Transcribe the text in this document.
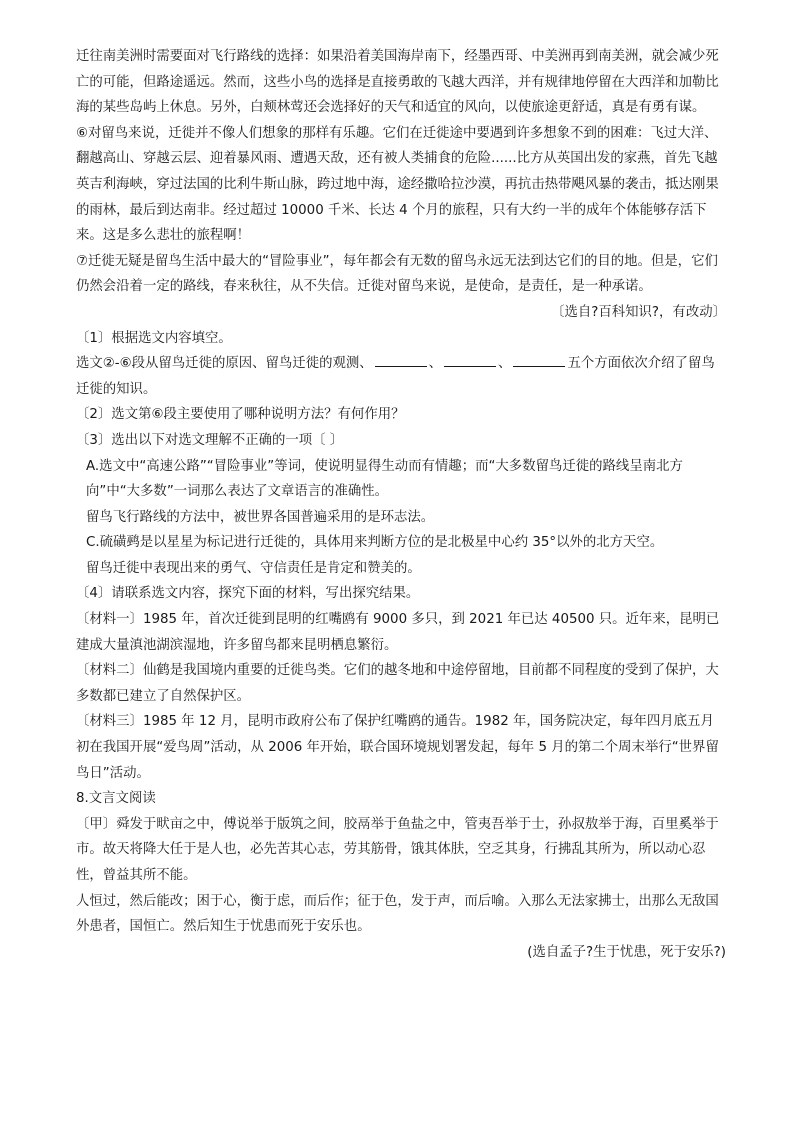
迁往南美洲时需要面对飞行路线的选择：如果沿着美国海岸南下，经墨西哥、中美洲再到南美洲，就会减少死亡的可能，但路途遥远。然而，这些小鸟的选择是直接勇敢的飞越大西洋，并有规律地停留在大西洋和加勒比海的某些岛屿上休息。另外，白颊林莺还会选择好的天气和适宜的风向，以使旅途更舒适，真是有勇有谋。

⑥对留鸟来说，迁徙并不像人们想象的那样有乐趣。它们在迁徙途中要遇到许多想象不到的困难：飞过大洋、翻越高山、穿越云层、迎着暴风雨、遭遇天敌，还有被人类捕食的危险......比方从英国出发的家燕，首先飞越英吉利海峡，穿过法国的比利牛斯山脉，跨过地中海，途经撒哈拉沙漠，再抗击热带飓风暴的袭击，抵达刚果的雨林，最后到达南非。经过超过 10000 千米、长达 4 个月的旅程，只有大约一半的成年个体能够存活下来。这是多么悲壮的旅程啊！

⑦迁徙无疑是留鸟生活中最大的“冒险事业”，每年都会有无数的留鸟永远无法到达它们的目的地。但是，它们仍然会沿着一定的路线，春来秋往，从不失信。迁徙对留鸟来说，是使命，是责任，是一种承诺。

〔选自?百科知识?，有改动〕

〔1〕根据选文内容填空。

选文②-⑥段从留鸟迁徙的原因、留鸟迁徙的观测、	、	、	五个方面依次介绍了留鸟迁徙的知识。

〔2〕选文第⑥段主要使用了哪种说明方法？有何作用？

〔3〕选出以下对选文理解不正确的一项〔 〕

A.选文中“高速公路”“冒险事业”等词，使说明显得生动而有情趣；而“大多数留鸟迁徙的路线呈南北方向”中“大多数”一词那么表达了文章语言的准确性。

留鸟飞行路线的方法中，被世界各国普遍采用的是环志法。

C.硫磺鹀是以星星为标记进行迁徙的，具体用来判断方位的是北极星中心约 35°以外的北方天空。

留鸟迁徙中表现出来的勇气、守信责任是肯定和赞美的。

〔4〕请联系选文内容，探究下面的材料，写出探究结果。

〔材料一〕1985 年，首次迁徙到昆明的红嘴鸥有 9000 多只，到 2021 年已达 40500 只。近年来，昆明已建成大量滇池湖滨湿地，许多留鸟都来昆明栖息繁衍。

〔材料二〕仙鹤是我国境内重要的迁徙鸟类。它们的越冬地和中途停留地，目前都不同程度的受到了保护，大多数都已建立了自然保护区。

〔材料三〕1985 年 12 月，昆明市政府公布了保护红嘴鸥的通告。1982 年，国务院决定，每年四月底五月初在我国开展“爱鸟周”活动，从 2006 年开始，联合国环境规划署发起，每年 5 月的第二个周末举行“世界留鸟日”活动。

8.文言文阅读

〔甲〕舜发于畎亩之中，傅说举于版筑之间，胶鬲举于鱼盐之中，管夷吾举于士，孙叔敖举于海，百里奚举于市。故天将降大任于是人也，必先苦其心志，劳其筋骨，饿其体肤，空乏其身，行拂乱其所为，所以动心忍性，曾益其所不能。

人恒过，然后能改；困于心，衡于虑，而后作；征于色，发于声，而后喻。入那么无法家拂士，出那么无敌国外患者，国恒亡。然后知生于忧患而死于安乐也。

(选自孟子?生于忧患，死于安乐?)
